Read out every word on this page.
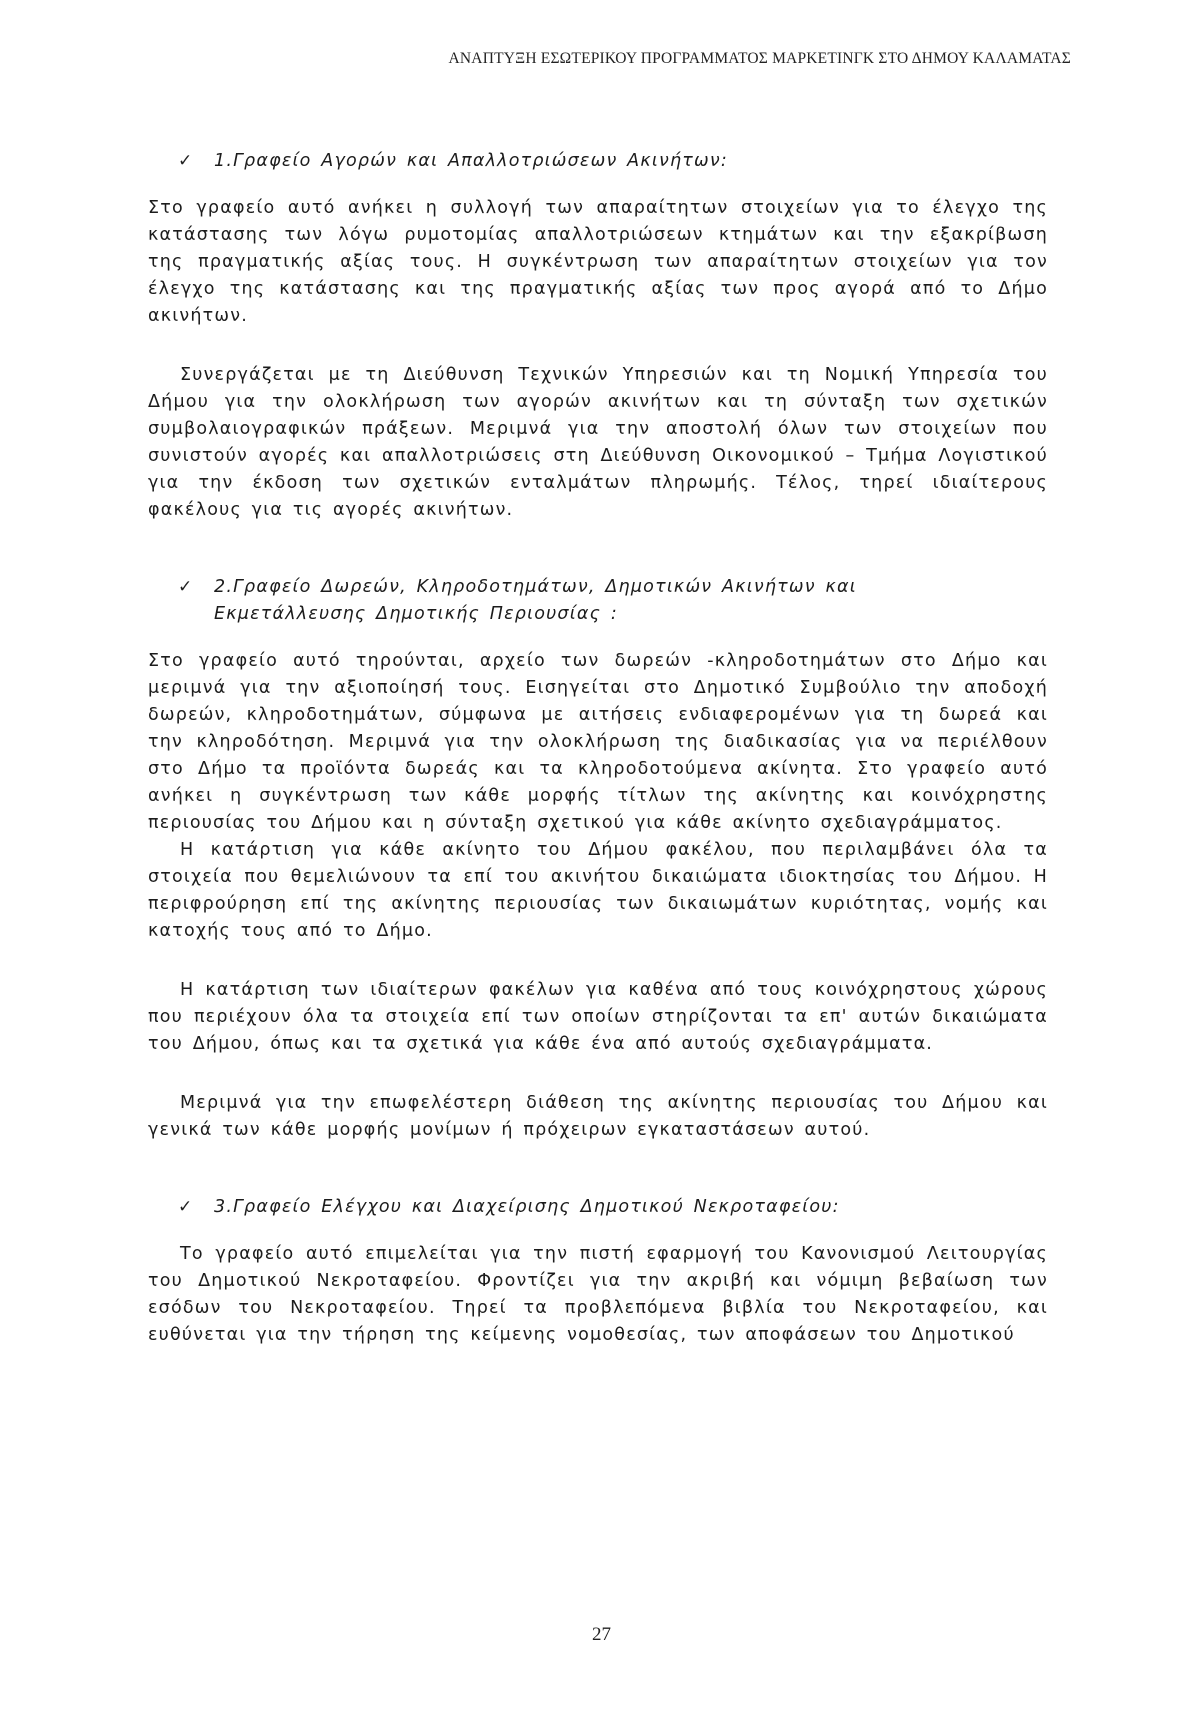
ΑΝΑΠΤΥΞΗ ΕΣΩΤΕΡΙΚΟΥ ΠΡΟΓΡΑΜΜΑΤΟΣ ΜΑΡΚΕΤΙΝΓΚ ΣΤΟ ΔΗΜΟΥ ΚΑΛΑΜΑΤΑΣ
✓	1.Γραφείο Αγορών και Απαλλοτριώσεων Ακινήτων:

Στο γραφείο αυτό ανήκει η συλλογή των απαραίτητων στοιχείων για το έλεγχο της κατάστασης των λόγω ρυμοτομίας απαλλοτριώσεων κτημάτων και την εξακρίβωση της πραγματικής αξίας τους. Η συγκέντρωση των απαραίτητων στοιχείων για τον έλεγχο της κατάστασης και της πραγματικής αξίας των προς αγορά από το Δήμο ακινήτων.

Συνεργάζεται με τη Διεύθυνση Τεχνικών Υπηρεσιών και τη Νομική Υπηρεσία του Δήμου για την ολοκλήρωση των αγορών ακινήτων και τη σύνταξη των σχετικών συμβολαιογραφικών πράξεων. Μεριμνά για την αποστολή όλων των στοιχείων που συνιστούν αγορές και απαλλοτριώσεις στη Διεύθυνση Οικονομικού – Τμήμα Λογιστικού για την έκδοση των σχετικών ενταλμάτων πληρωμής. Τέλος, τηρεί ιδιαίτερους φακέλους για τις αγορές ακινήτων.

✓	2.Γραφείο Δωρεών, Κληροδοτημάτων, Δημοτικών Ακινήτων και
Εκμετάλλευσης Δημοτικής Περιουσίας :

Στο γραφείο αυτό τηρούνται, αρχείο των δωρεών -κληροδοτημάτων στο Δήμο και μεριμνά για την αξιοποίησή τους. Εισηγείται στο Δημοτικό Συμβούλιο την αποδοχή δωρεών, κληροδοτημάτων, σύμφωνα με αιτήσεις ενδιαφερομένων για τη δωρεά και την κληροδότηση. Μεριμνά για την ολοκλήρωση της διαδικασίας για να περιέλθουν στο Δήμο τα προϊόντα δωρεάς και τα κληροδοτούμενα ακίνητα. Στο γραφείο αυτό ανήκει η συγκέντρωση των κάθε μορφής τίτλων της ακίνητης και κοινόχρηστης περιουσίας του Δήμου και η σύνταξη σχετικού για κάθε ακίνητο σχεδιαγράμματος.

Η κατάρτιση για κάθε ακίνητο του Δήμου φακέλου, που περιλαμβάνει όλα τα στοιχεία που θεμελιώνουν τα επί του ακινήτου δικαιώματα ιδιοκτησίας του Δήμου. Η περιφρούρηση επί της ακίνητης περιουσίας των δικαιωμάτων κυριότητας, νομής και κατοχής τους από το Δήμο.

Η κατάρτιση των ιδιαίτερων φακέλων για καθένα από τους κοινόχρηστους χώρους που περιέχουν όλα τα στοιχεία επί των οποίων στηρίζονται τα επ' αυτών δικαιώματα του Δήμου, όπως και τα σχετικά για κάθε ένα από αυτούς σχεδιαγράμματα.

Μεριμνά για την επωφελέστερη διάθεση της ακίνητης περιουσίας του Δήμου και γενικά των κάθε μορφής μονίμων ή πρόχειρων εγκαταστάσεων αυτού.

✓	3.Γραφείο Ελέγχου και Διαχείρισης Δημοτικού Νεκροταφείου:

Το γραφείο αυτό επιμελείται για την πιστή εφαρμογή του Κανονισμού Λειτουργίας του Δημοτικού Νεκροταφείου. Φροντίζει για την ακριβή και νόμιμη βεβαίωση των εσόδων του Νεκροταφείου. Τηρεί τα προβλεπόμενα βιβλία του Νεκροταφείου, και ευθύνεται για την τήρηση της κείμενης νομοθεσίας, των αποφάσεων του Δημοτικού

27
